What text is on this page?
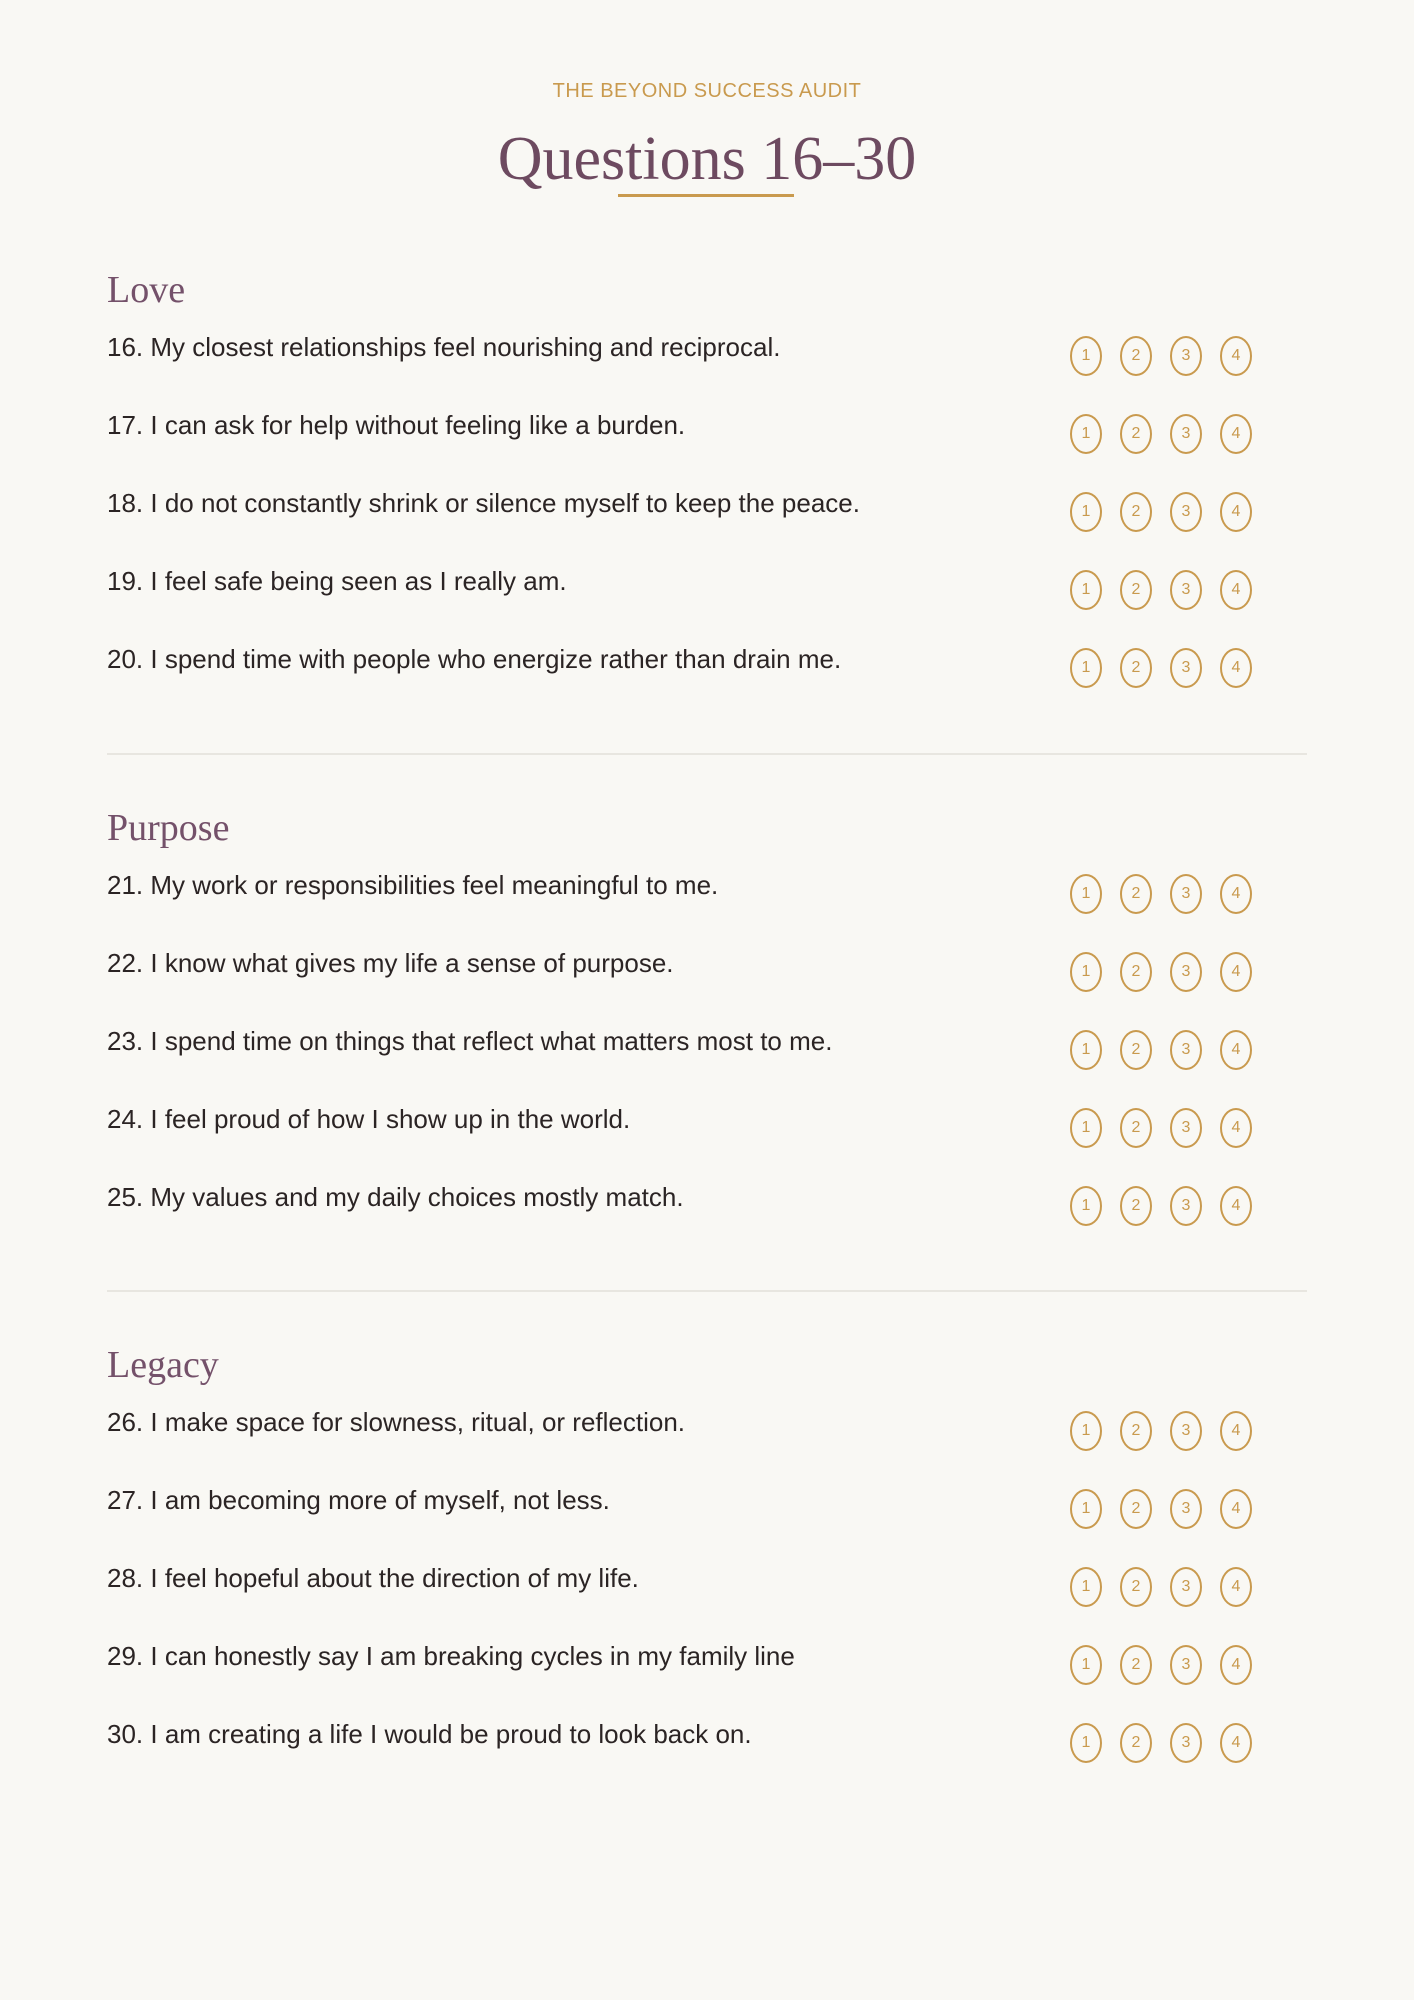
THE BEYOND SUCCESS AUDIT
Questions 16–30
Love
16. My closest relationships feel nourishing and reciprocal.	1	2	3	4
17. I can ask for help without feeling like a burden.	1	2	3	4
18. I do not constantly shrink or silence myself to keep the peace.	1	2	3	4
19. I feel safe being seen as I really am.	1	2	3	4
20. I spend time with people who energize rather than drain me.	1	2	3	4
Purpose
21. My work or responsibilities feel meaningful to me.	1	2	3	4
22. I know what gives my life a sense of purpose.	1	2	3	4
23. I spend time on things that reflect what matters most to me.	1	2	3	4
24. I feel proud of how I show up in the world.	1	2	3	4
25. My values and my daily choices mostly match.	1	2	3	4
Legacy
26. I make space for slowness, ritual, or reflection.	1	2	3	4
27. I am becoming more of myself, not less.	1	2	3	4
28. I feel hopeful about the direction of my life.	1	2	3	4
29. I can honestly say I am breaking cycles in my family line	1	2	3	4
30. I am creating a life I would be proud to look back on.	1	2	3	4
